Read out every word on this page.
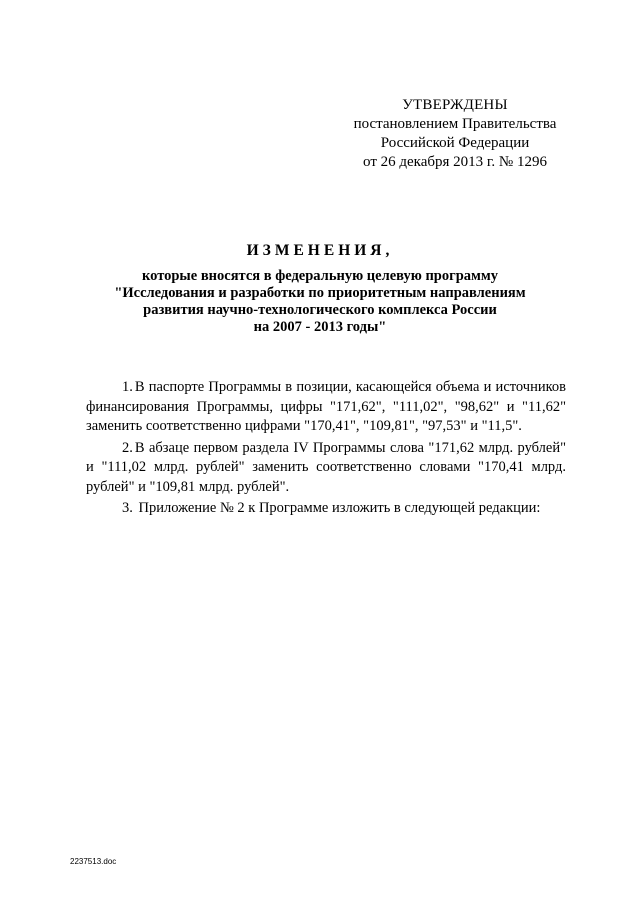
УТВЕРЖДЕНЫ
постановлением Правительства
Российской Федерации
от 26 декабря 2013 г. № 1296
ИЗМЕНЕНИЯ,
которые вносятся в федеральную целевую программу
"Исследования и разработки по приоритетным направлениям
развития научно-технологического комплекса России
на 2007 - 2013 годы"

1. В паспорте Программы в позиции, касающейся объема и источников финансирования Программы, цифры "171,62", "111,02", "98,62" и "11,62" заменить соответственно цифрами "170,41", "109,81", "97,53" и "11,5".

2. В абзаце первом раздела IV Программы слова "171,62 млрд. рублей" и "111,02 млрд. рублей" заменить соответственно словами "170,41 млрд. рублей" и "109,81 млрд. рублей".

3. Приложение № 2 к Программе изложить в следующей редакции:

2237513.doc
